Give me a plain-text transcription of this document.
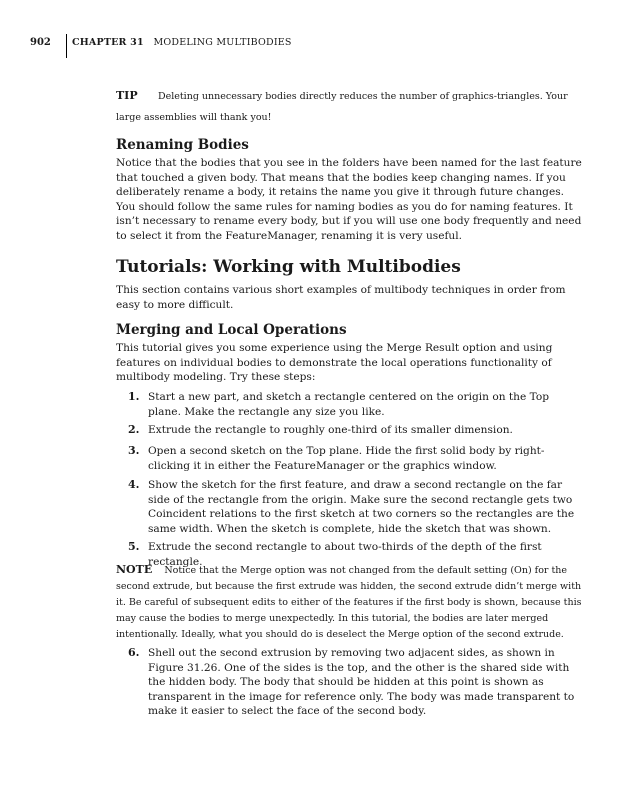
902 CHAPTER 31 MODELING MULTIBODIES

TIP Deleting unnecessary bodies directly reduces the number of graphics-triangles. Your large assemblies will thank you!

Renaming Bodies

Notice that the bodies that you see in the folders have been named for the last feature that touched a given body. That means that the bodies keep changing names. If you deliberately rename a body, it retains the name you give it through future changes. You should follow the same rules for naming bodies as you do for naming features. It isn’t necessary to rename every body, but if you will use one body frequently and need to select it from the FeatureManager, renaming it is very useful.

Tutorials: Working with Multibodies

This section contains various short examples of multibody techniques in order from easy to more difficult.

Merging and Local Operations

This tutorial gives you some experience using the Merge Result option and using features on individual bodies to demonstrate the local operations functionality of multibody modeling. Try these steps:

1. Start a new part, and sketch a rectangle centered on the origin on the Top plane. Make the rectangle any size you like.

2. Extrude the rectangle to roughly one-third of its smaller dimension.

3. Open a second sketch on the Top plane. Hide the first solid body by right-clicking it in either the FeatureManager or the graphics window.

4. Show the sketch for the first feature, and draw a second rectangle on the far side of the rectangle from the origin. Make sure the second rectangle gets two Coincident relations to the first sketch at two corners so the rectangles are the same width. When the sketch is complete, hide the sketch that was shown.

5. Extrude the second rectangle to about two-thirds of the depth of the first rectangle.

6. Shell out the second extrusion by removing two adjacent sides, as shown in Figure 31.26. One of the sides is the top, and the other is the shared side with the hidden body. The body that should be hidden at this point is shown as transparent in the image for reference only. The body was made transparent to make it easier to select the face of the second body.

NOTE Notice that the Merge option was not changed from the default setting (On) for the second extrude, but because the first extrude was hidden, the second extrude didn’t merge with it. Be careful of subsequent edits to either of the features if the first body is shown, because this may cause the bodies to merge unexpectedly. In this tutorial, the bodies are later merged intentionally. Ideally, what you should do is deselect the Merge option of the second extrude.
